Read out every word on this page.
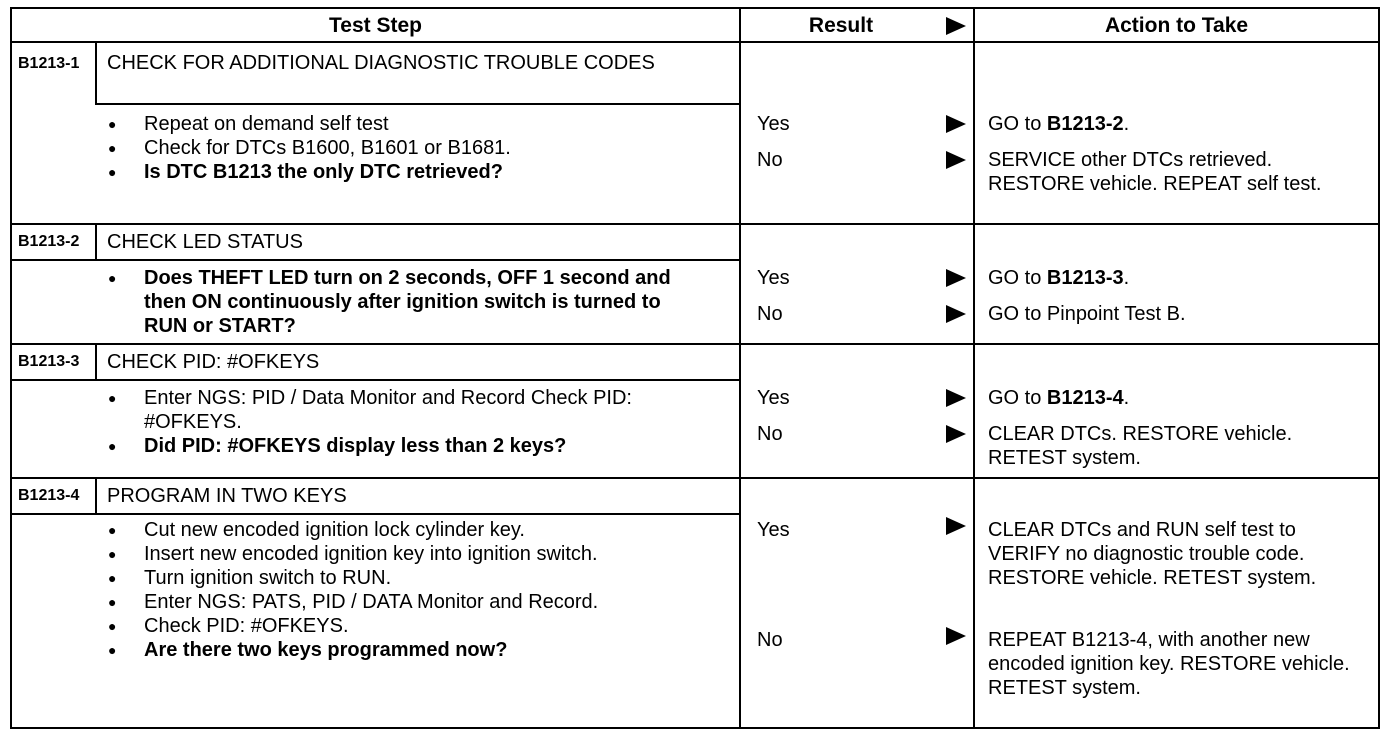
Test Step	Result	Action to Take
B1213-1 CHECK FOR ADDITIONAL DIAGNOSTIC TROUBLE CODES
● Repeat on demand self test
● Check for DTCs B1600, B1601 or B1681.
● Is DTC B1213 the only DTC retrieved?
Yes
No
GO to B1213-2.
SERVICE other DTCs retrieved. RESTORE vehicle. REPEAT self test.
B1213-2 CHECK LED STATUS
● Does THEFT LED turn on 2 seconds, OFF 1 second and then ON continuously after ignition switch is turned to RUN or START?
Yes
No
GO to B1213-3.
GO to Pinpoint Test B.
B1213-3 CHECK PID: #OFKEYS
● Enter NGS: PID / Data Monitor and Record Check PID: #OFKEYS.
● Did PID: #OFKEYS display less than 2 keys?
Yes
No
GO to B1213-4.
CLEAR DTCs. RESTORE vehicle. RETEST system.
B1213-4 PROGRAM IN TWO KEYS
● Cut new encoded ignition lock cylinder key.
● Insert new encoded ignition key into ignition switch.
● Turn ignition switch to RUN.
● Enter NGS: PATS, PID / DATA Monitor and Record.
● Check PID: #OFKEYS.
● Are there two keys programmed now?
Yes
No
CLEAR DTCs and RUN self test to VERIFY no diagnostic trouble code. RESTORE vehicle. RETEST system.
REPEAT B1213-4, with another new encoded ignition key. RESTORE vehicle. RETEST system.
